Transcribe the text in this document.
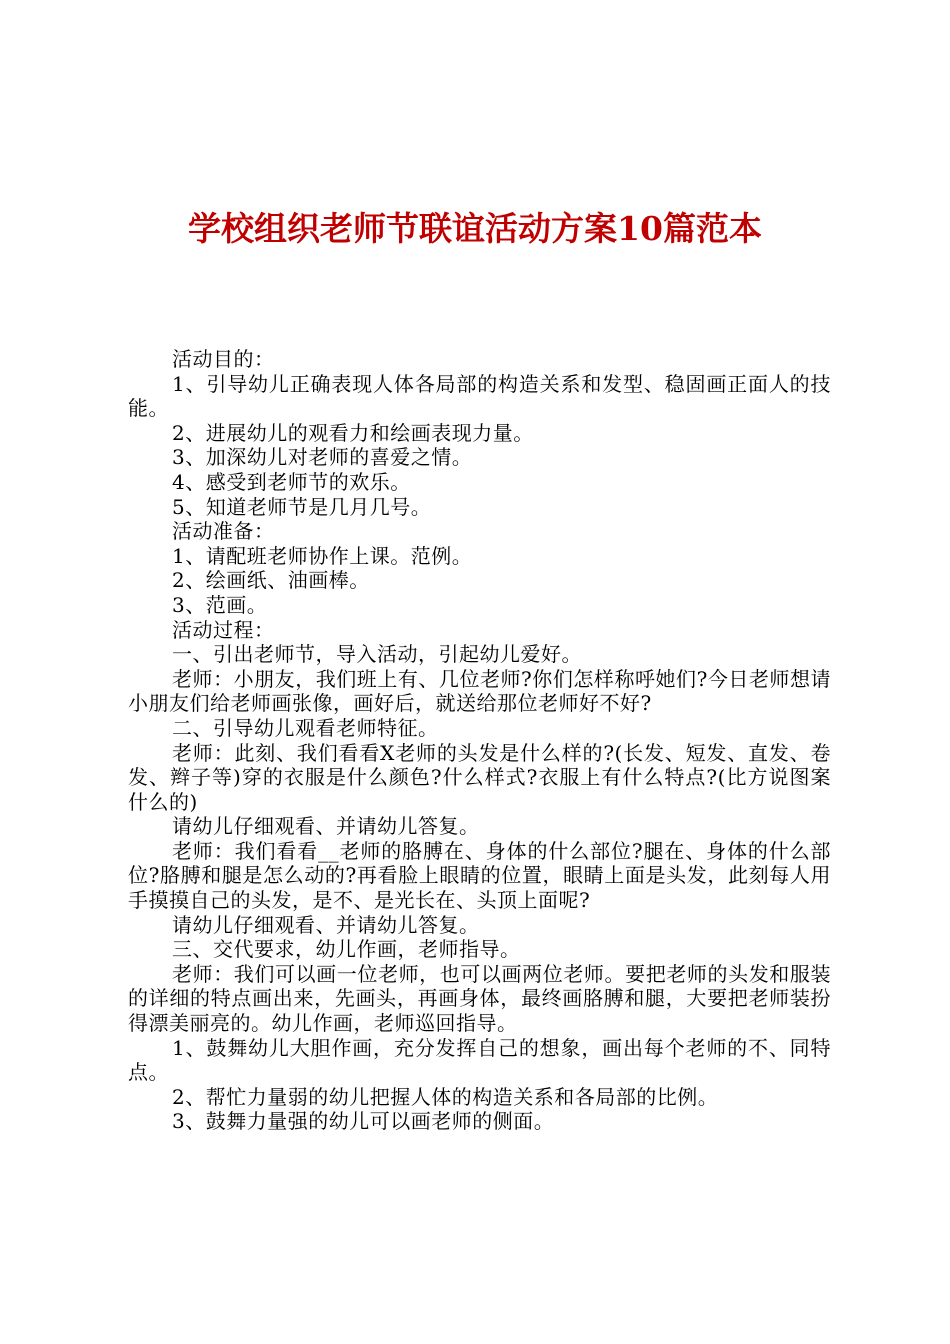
学校组织老师节联谊活动方案10篇范本

活动目的：

1、引导幼儿正确表现人体各局部的构造关系和发型、稳固画正面人的技能。

2、进展幼儿的观看力和绘画表现力量。

3、加深幼儿对老师的喜爱之情。

4、感受到老师节的欢乐。

5、知道老师节是几月几号。

活动准备：

1、请配班老师协作上课。范例。

2、绘画纸、油画棒。

3、范画。

活动过程：

一、引出老师节，导入活动，引起幼儿爱好。

老师：小朋友，我们班上有、几位老师?你们怎样称呼她们?今日老师想请小朋友们给老师画张像，画好后，就送给那位老师好不好?

二、引导幼儿观看老师特征。

老师：此刻、我们看看X老师的头发是什么样的?(长发、短发、直发、卷发、辫子等)穿的衣服是什么颜色?什么样式?衣服上有什么特点?(比方说图案什么的)

请幼儿仔细观看、并请幼儿答复。

老师：我们看看__老师的胳膊在、身体的什么部位?腿在、身体的什么部位?胳膊和腿是怎么动的?再看脸上眼睛的位置，眼睛上面是头发，此刻每人用手摸摸自己的头发，是不、是光长在、头顶上面呢?

请幼儿仔细观看、并请幼儿答复。

三、交代要求，幼儿作画，老师指导。

老师：我们可以画一位老师，也可以画两位老师。要把老师的头发和服装的详细的特点画出来，先画头，再画身体，最终画胳膊和腿，大要把老师装扮得漂美丽亮的。幼儿作画，老师巡回指导。

1、鼓舞幼儿大胆作画，充分发挥自己的想象，画出每个老师的不、同特点。

2、帮忙力量弱的幼儿把握人体的构造关系和各局部的比例。

3、鼓舞力量强的幼儿可以画老师的侧面。
